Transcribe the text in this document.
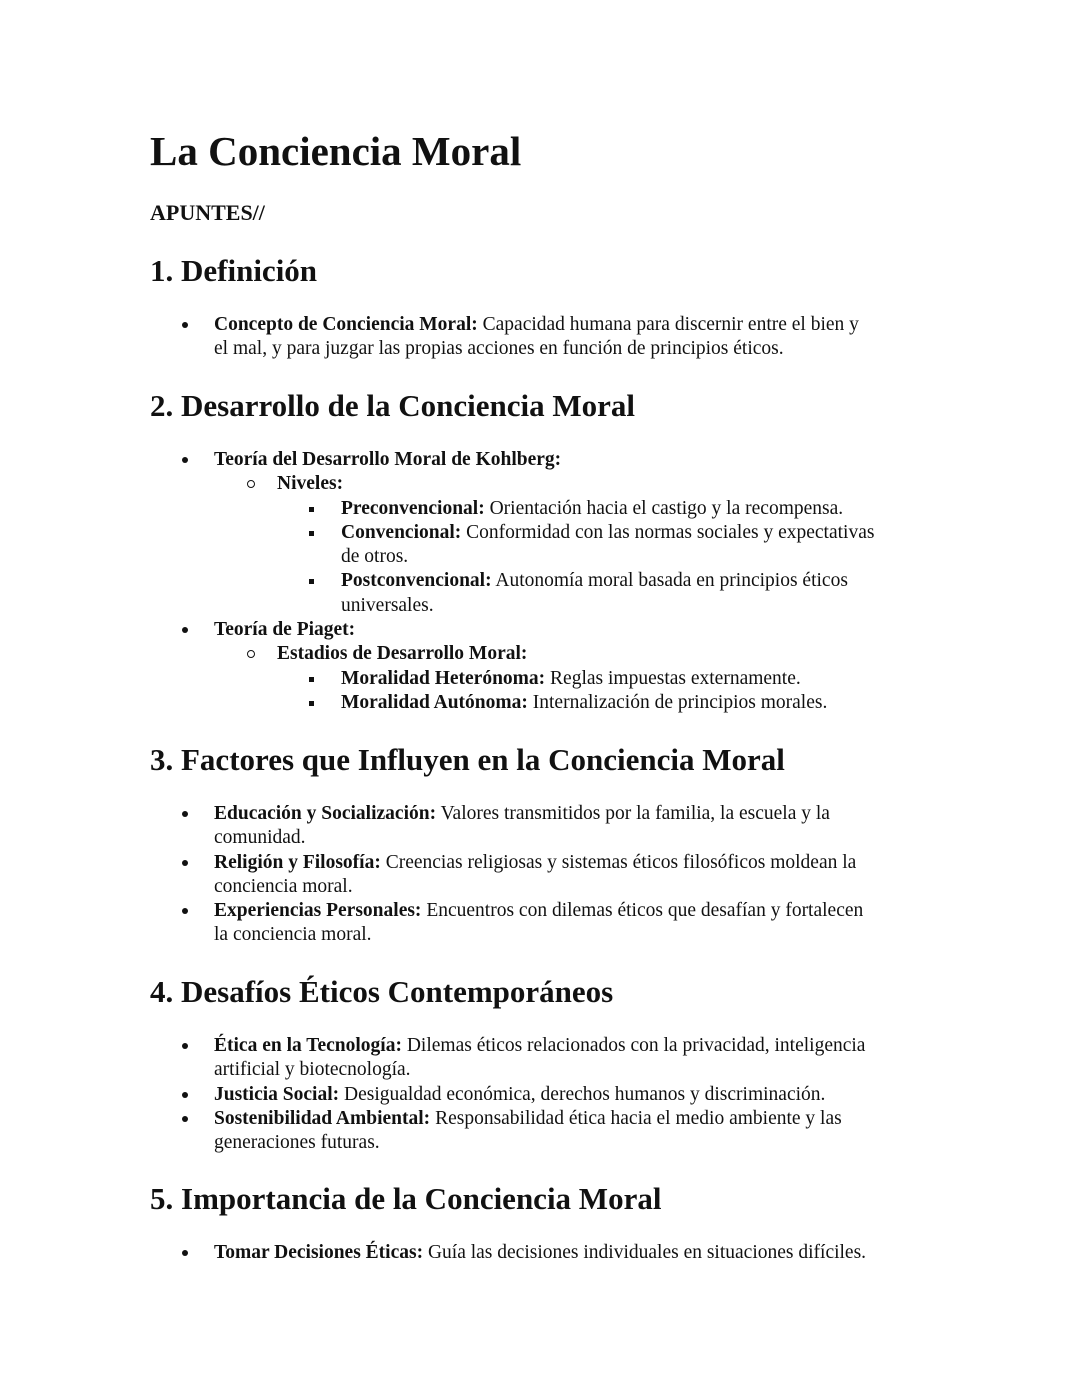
La Conciencia Moral
APUNTES//
1. Definición
Concepto de Conciencia Moral: Capacidad humana para discernir entre el bien y
el mal, y para juzgar las propias acciones en función de principios éticos.
2. Desarrollo de la Conciencia Moral
Teoría del Desarrollo Moral de Kohlberg:
Niveles:
Preconvencional: Orientación hacia el castigo y la recompensa.
Convencional: Conformidad con las normas sociales y expectativas
de otros.
Postconvencional: Autonomía moral basada en principios éticos
universales.
Teoría de Piaget:
Estadios de Desarrollo Moral:
Moralidad Heterónoma: Reglas impuestas externamente.
Moralidad Autónoma: Internalización de principios morales.
3. Factores que Influyen en la Conciencia Moral
Educación y Socialización: Valores transmitidos por la familia, la escuela y la
comunidad.
Religión y Filosofía: Creencias religiosas y sistemas éticos filosóficos moldean la
conciencia moral.
Experiencias Personales: Encuentros con dilemas éticos que desafían y fortalecen
la conciencia moral.
4. Desafíos Éticos Contemporáneos
Ética en la Tecnología: Dilemas éticos relacionados con la privacidad, inteligencia
artificial y biotecnología.
Justicia Social: Desigualdad económica, derechos humanos y discriminación.
Sostenibilidad Ambiental: Responsabilidad ética hacia el medio ambiente y las
generaciones futuras.
5. Importancia de la Conciencia Moral
Tomar Decisiones Éticas: Guía las decisiones individuales en situaciones difíciles.
